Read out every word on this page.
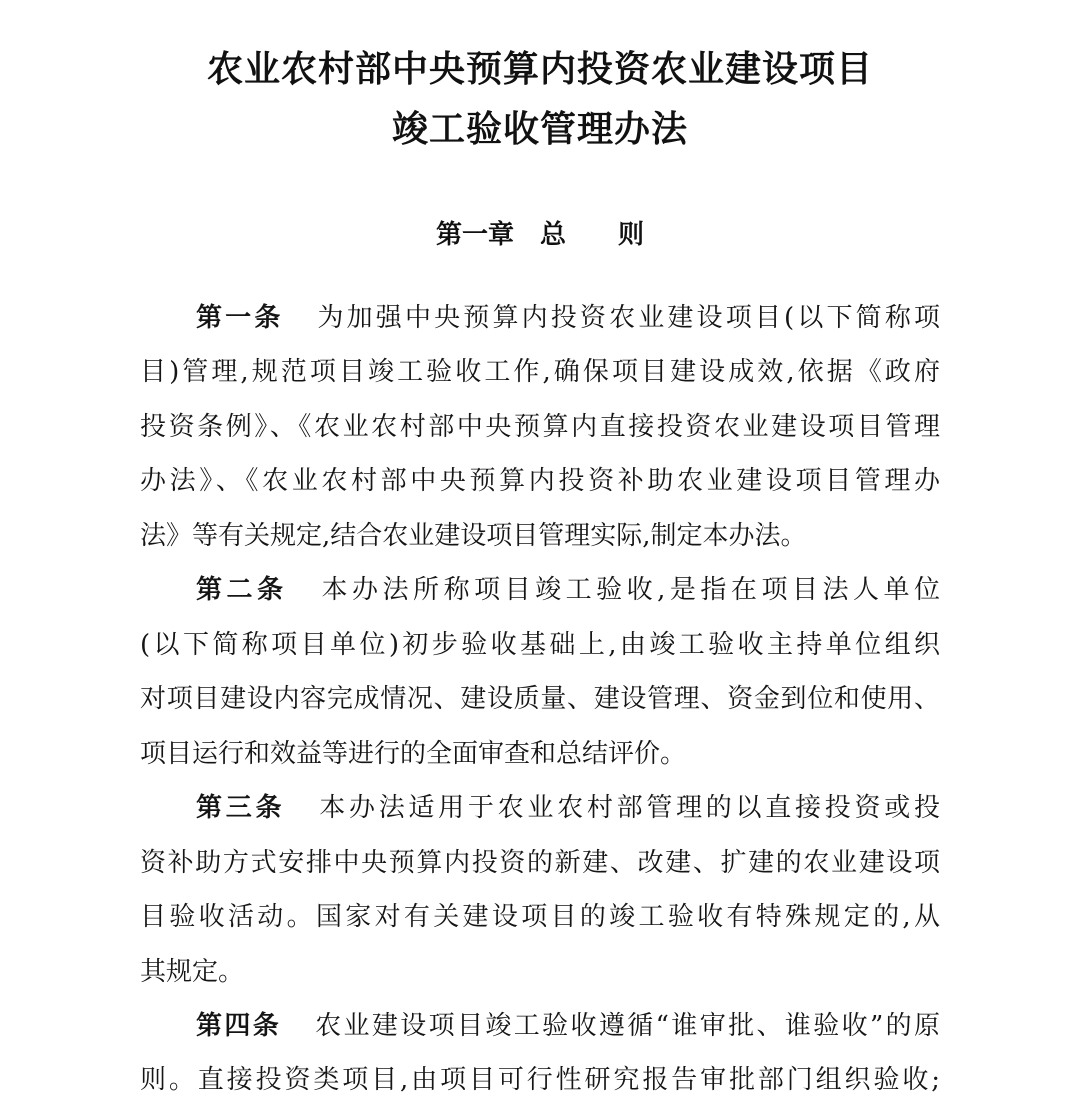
农业农村部中央预算内投资农业建设项目
竣工验收管理办法
第一章　总　　则
第一条 为加强中央预算内投资农业建设项目(以下简称项
目)管理,规范项目竣工验收工作,确保项目建设成效,依据《政府
投资条例》、《农业农村部中央预算内直接投资农业建设项目管理
办法》、《农业农村部中央预算内投资补助农业建设项目管理办
法》等有关规定,结合农业建设项目管理实际,制定本办法。
第二条 本办法所称项目竣工验收,是指在项目法人单位
(以下简称项目单位)初步验收基础上,由竣工验收主持单位组织
对项目建设内容完成情况、建设质量、建设管理、资金到位和使用、
项目运行和效益等进行的全面审查和总结评价。
第三条 本办法适用于农业农村部管理的以直接投资或投
资补助方式安排中央预算内投资的新建、改建、扩建的农业建设项
目验收活动。国家对有关建设项目的竣工验收有特殊规定的,从
其规定。
第四条 农业建设项目竣工验收遵循“谁审批、谁验收”的原
则。直接投资类项目,由项目可行性研究报告审批部门组织验收;
